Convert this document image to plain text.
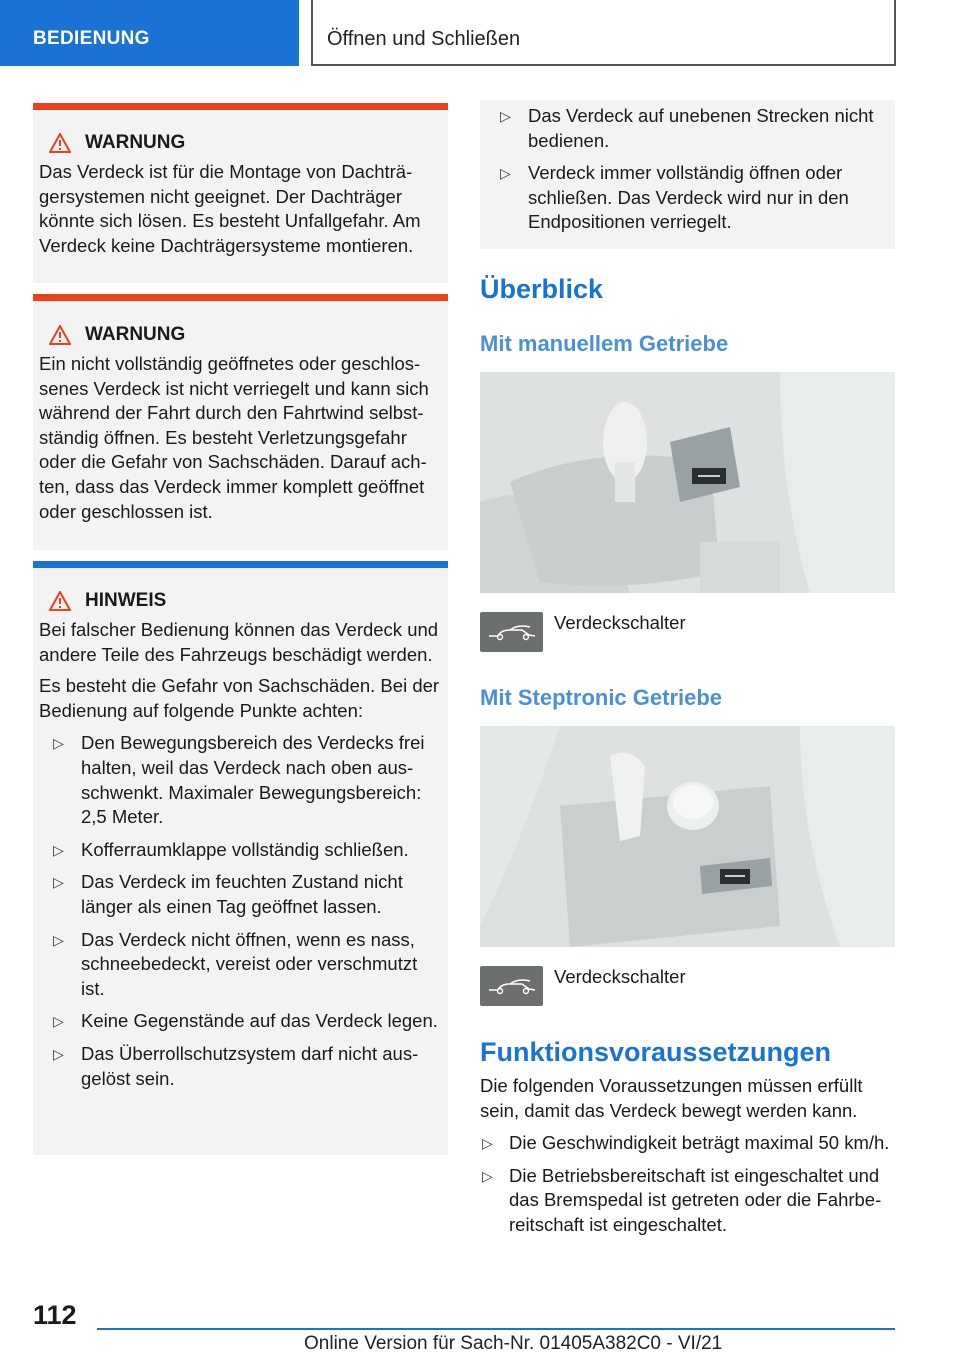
BEDIENUNG	Öffnen und Schließen
WARNUNG

Das Verdeck ist für die Montage von Dachträgersystemen nicht geeignet. Der Dachträger könnte sich lösen. Es besteht Unfallgefahr. Am Verdeck keine Dachträgersysteme montieren.

WARNUNG

Ein nicht vollständig geöffnetes oder geschlossenes Verdeck ist nicht verriegelt und kann sich während der Fahrt durch den Fahrtwind selbstständig öffnen. Es besteht Verletzungsgefahr oder die Gefahr von Sachschäden. Darauf achten, dass das Verdeck immer komplett geöffnet oder geschlossen ist.

HINWEIS

Bei falscher Bedienung können das Verdeck und andere Teile des Fahrzeugs beschädigt werden.

Es besteht die Gefahr von Sachschäden. Bei der Bedienung auf folgende Punkte achten:

▷ Den Bewegungsbereich des Verdecks frei halten, weil das Verdeck nach oben ausschwenkt. Maximaler Bewegungsbereich: 2,5 Meter.
▷ Kofferraumklappe vollständig schließen.
▷ Das Verdeck im feuchten Zustand nicht länger als einen Tag geöffnet lassen.
▷ Das Verdeck nicht öffnen, wenn es nass, schneebedeckt, vereist oder verschmutzt ist.
▷ Keine Gegenstände auf das Verdeck legen.
▷ Das Überrollschutzsystem darf nicht ausgelöst sein.
▷ Das Verdeck auf unebenen Strecken nicht bedienen.
▷ Verdeck immer vollständig öffnen oder schließen. Das Verdeck wird nur in den Endpositionen verriegelt.
Überblick
Mit manuellem Getriebe
Verdeckschalter
Mit Steptronic Getriebe
Verdeckschalter
Funktionsvoraussetzungen

Die folgenden Voraussetzungen müssen erfüllt sein, damit das Verdeck bewegt werden kann.

▷ Die Geschwindigkeit beträgt maximal 50 km/h.
▷ Die Betriebsbereitschaft ist eingeschaltet und das Bremspedal ist getreten oder die Fahrbereitschaft ist eingeschaltet.
112
Online Version für Sach-Nr. 01405A382C0 - VI/21
